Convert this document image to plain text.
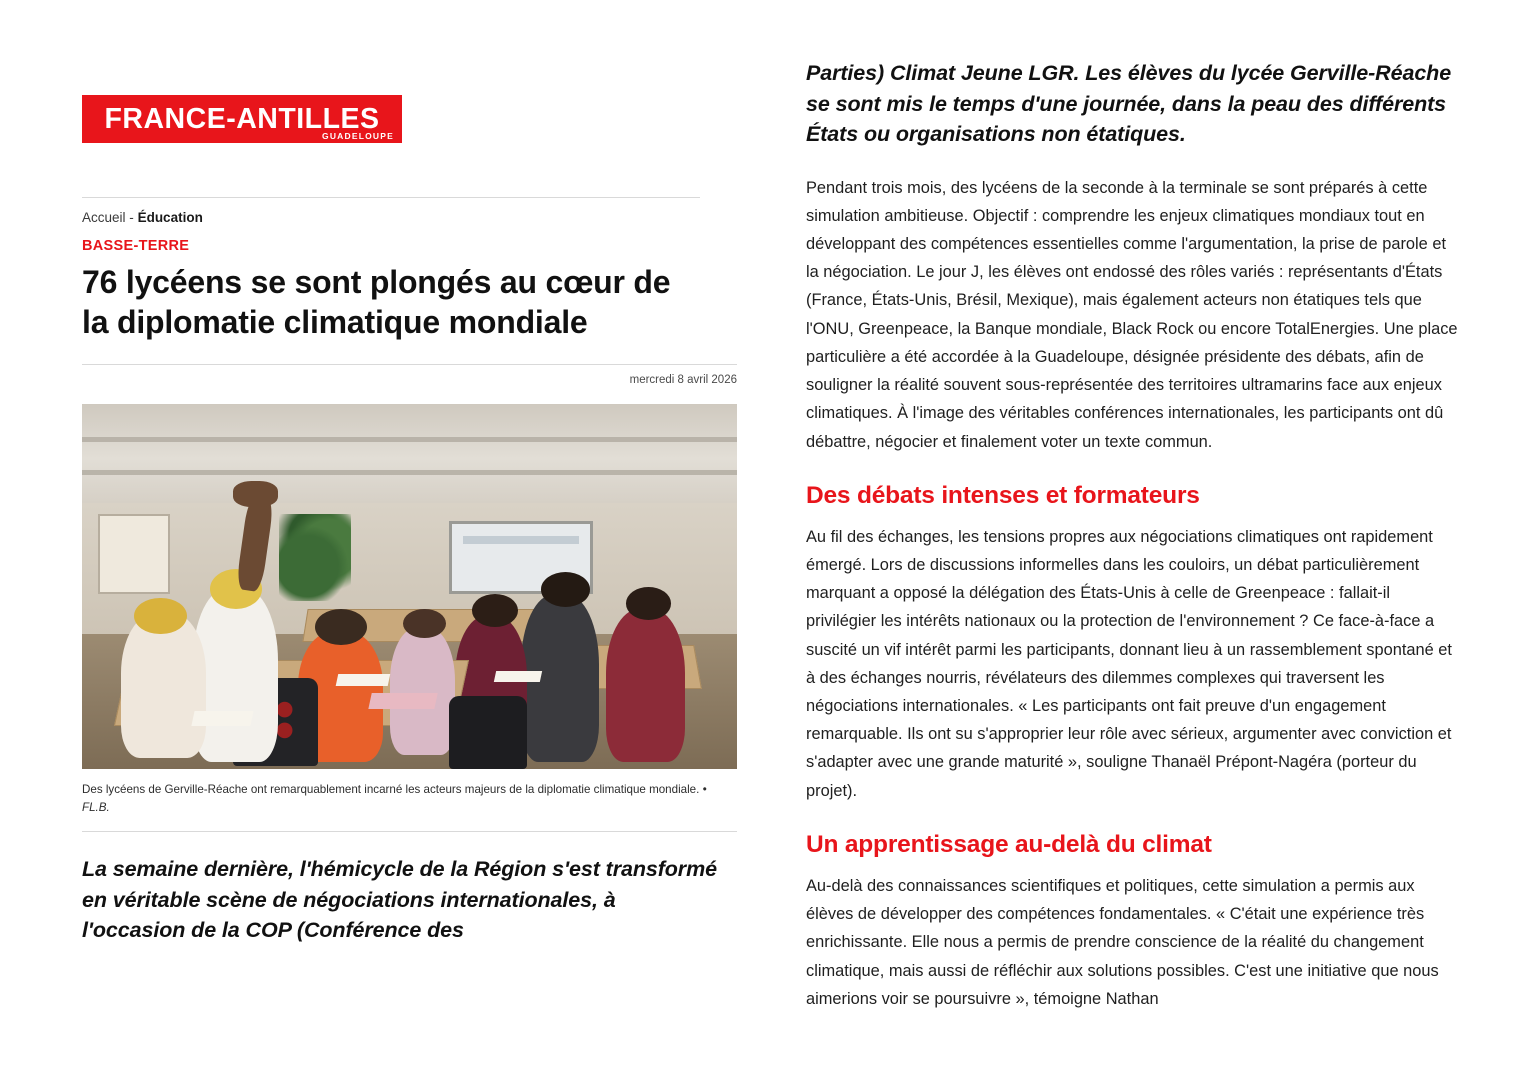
FRANCE-ANTILLES
GUADELOUPE
Accueil - Éducation
BASSE-TERRE
76 lycéens se sont plongés au cœur de la diplomatie climatique mondiale
mercredi 8 avril 2026
Des lycéens de Gerville-Réache ont remarquablement incarné les acteurs majeurs de la diplomatie climatique mondiale. • FL.B.
La semaine dernière, l'hémicycle de la Région s'est transformé en véritable scène de négociations internationales, à l'occasion de la COP (Conférence des

Parties) Climat Jeune LGR. Les élèves du lycée Gerville-Réache se sont mis le temps d'une journée, dans la peau des différents États ou organisations non étatiques.

Pendant trois mois, des lycéens de la seconde à la terminale se sont préparés à cette simulation ambitieuse. Objectif : comprendre les enjeux climatiques mondiaux tout en développant des compétences essentielles comme l'argumentation, la prise de parole et la négociation. Le jour J, les élèves ont endossé des rôles variés : représentants d'États (France, États-Unis, Brésil, Mexique), mais également acteurs non étatiques tels que l'ONU, Greenpeace, la Banque mondiale, Black Rock ou encore TotalEnergies. Une place particulière a été accordée à la Guadeloupe, désignée présidente des débats, afin de souligner la réalité souvent sous-représentée des territoires ultramarins face aux enjeux climatiques. À l'image des véritables conférences internationales, les participants ont dû débattre, négocier et finalement voter un texte commun.

Des débats intenses et formateurs

Au fil des échanges, les tensions propres aux négociations climatiques ont rapidement émergé. Lors de discussions informelles dans les couloirs, un débat particulièrement marquant a opposé la délégation des États-Unis à celle de Greenpeace : fallait-il privilégier les intérêts nationaux ou la protection de l'environnement ? Ce face-à-face a suscité un vif intérêt parmi les participants, donnant lieu à un rassemblement spontané et à des échanges nourris, révélateurs des dilemmes complexes qui traversent les négociations internationales. « Les participants ont fait preuve d'un engagement remarquable. Ils ont su s'approprier leur rôle avec sérieux, argumenter avec conviction et s'adapter avec une grande maturité », souligne Thanaël Prépont-Nagéra (porteur du projet).

Un apprentissage au-delà du climat

Au-delà des connaissances scientifiques et politiques, cette simulation a permis aux élèves de développer des compétences fondamentales. « C'était une expérience très enrichissante. Elle nous a permis de prendre conscience de la réalité du changement climatique, mais aussi de réfléchir aux solutions possibles. C'est une initiative que nous aimerions voir se poursuivre », témoigne Nathan
